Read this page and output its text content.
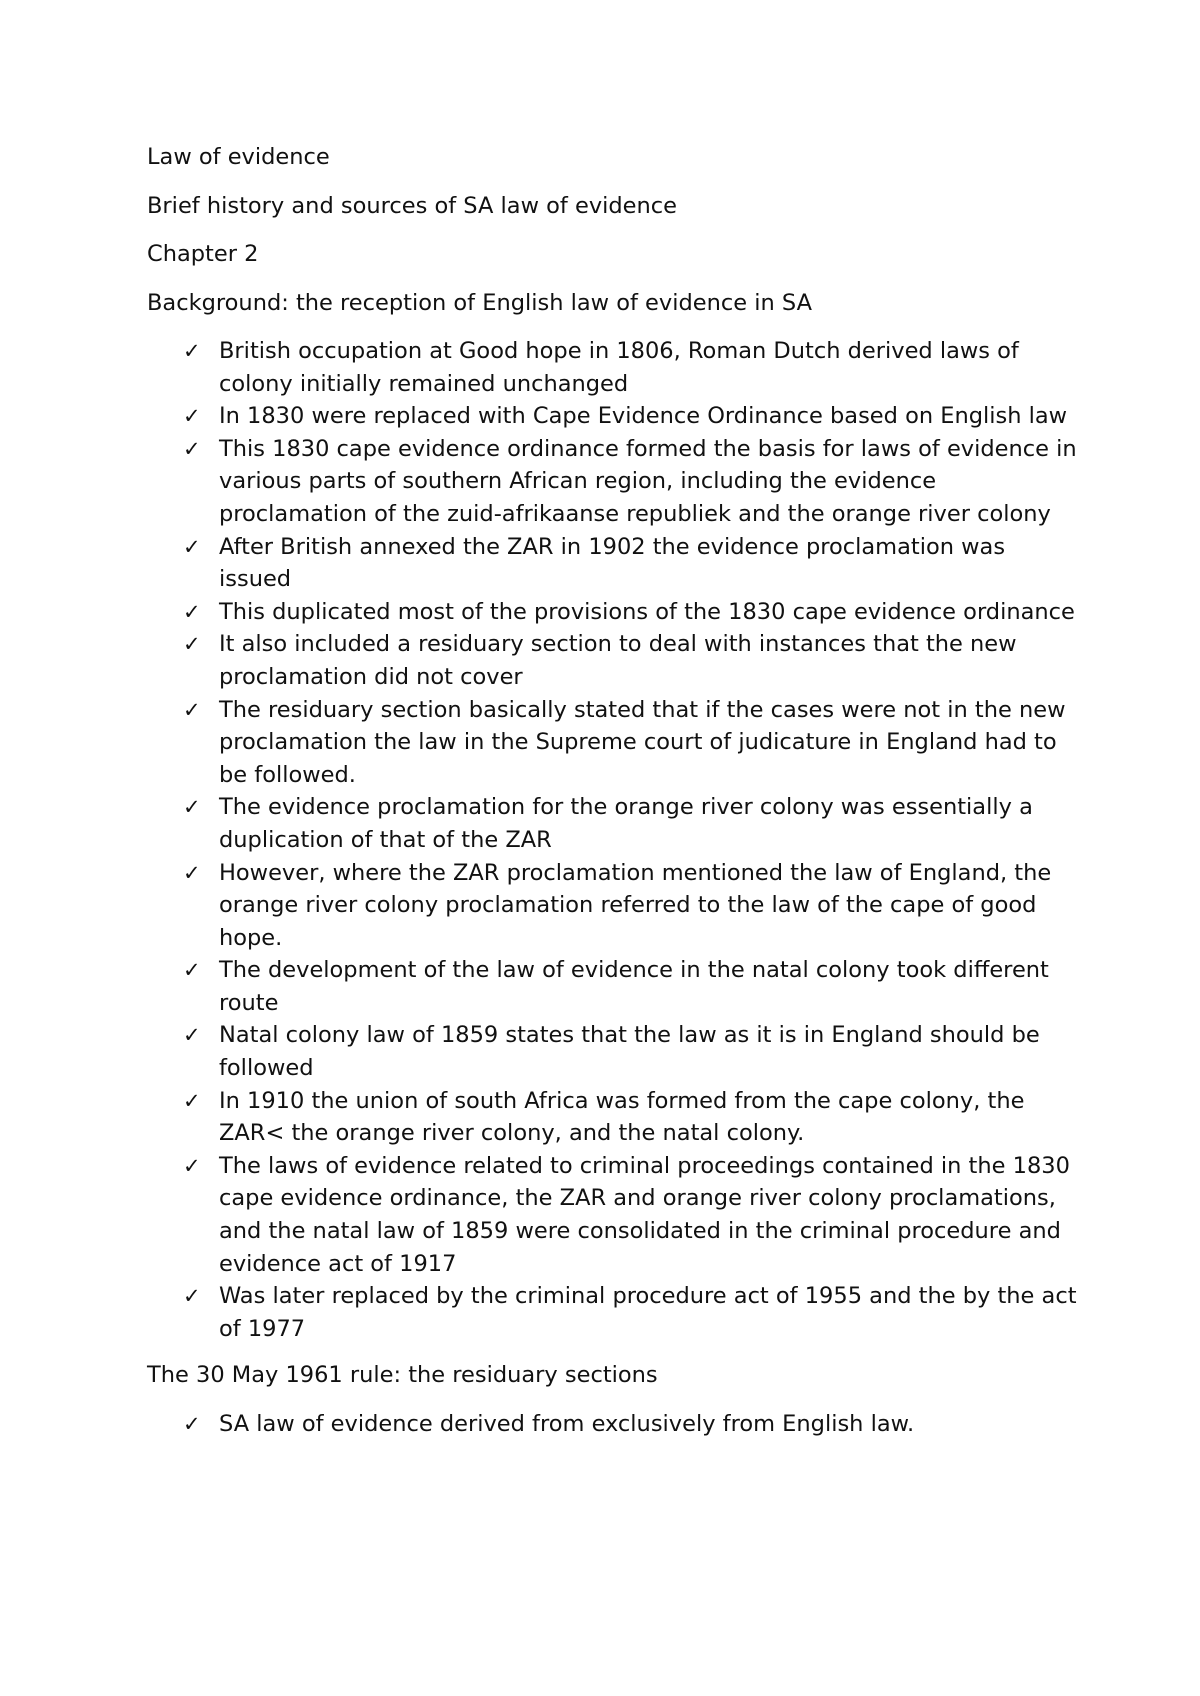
Law of evidence

Brief history and sources of SA law of evidence

Chapter 2

Background: the reception of English law of evidence in SA

✓ British occupation at Good hope in 1806, Roman Dutch derived laws of colony initially remained unchanged
✓ In 1830 were replaced with Cape Evidence Ordinance based on English law
✓ This 1830 cape evidence ordinance formed the basis for laws of evidence in various parts of southern African region, including the evidence proclamation of the zuid-afrikaanse republiek and the orange river colony
✓ After British annexed the ZAR in 1902 the evidence proclamation was issued
✓ This duplicated most of the provisions of the 1830 cape evidence ordinance
✓ It also included a residuary section to deal with instances that the new proclamation did not cover
✓ The residuary section basically stated that if the cases were not in the new proclamation the law in the Supreme court of judicature in England had to be followed.
✓ The evidence proclamation for the orange river colony was essentially a duplication of that of the ZAR
✓ However, where the ZAR proclamation mentioned the law of England, the orange river colony proclamation referred to the law of the cape of good hope.
✓ The development of the law of evidence in the natal colony took different route
✓ Natal colony law of 1859 states that the law as it is in England should be followed
✓ In 1910 the union of south Africa was formed from the cape colony, the ZAR< the orange river colony, and the natal colony.
✓ The laws of evidence related to criminal proceedings contained in the 1830 cape evidence ordinance, the ZAR and orange river colony proclamations, and the natal law of 1859 were consolidated in the criminal procedure and evidence act of 1917
✓ Was later replaced by the criminal procedure act of 1955 and the by the act of 1977

The 30 May 1961 rule: the residuary sections

✓ SA law of evidence derived from exclusively from English law.
